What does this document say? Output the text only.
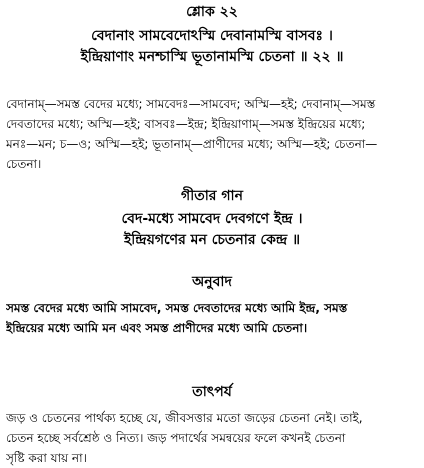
শ্লোক ২২
বেদানাং সামবেদোঽস্মি দেবানামস্মি বাসবঃ ।
ইন্দ্রিয়াণাং মনশ্চাস্মি ভূতানামস্মি চেতনা ॥ ২২ ॥
বেদানাম্—সমস্ত বেদের মধ্যে; সামবেদঃ—সামবেদ; অস্মি—হই; দেবানাম্—সমস্ত
দেবতাদের মধ্যে; অস্মি—হই; বাসবঃ—ইন্দ্র; ইন্দ্রিয়াণাম্—সমস্ত ইন্দ্রিয়ের মধ্যে;
মনঃ—মন; চ—ও; অস্মি—হই; ভূতানাম্—প্রাণীদের মধ্যে; অস্মি—হই; চেতনা—
চেতনা।
গীতার গান
বেদ-মধ্যে সামবেদ দেবগণে ইন্দ্র ।
ইন্দ্রিয়গণের মন চেতনার কেন্দ্র ॥
অনুবাদ
সমস্ত বেদের মধ্যে আমি সামবেদ, সমস্ত দেবতাদের মধ্যে আমি ইন্দ্র, সমস্ত
ইন্দ্রিয়ের মধ্যে আমি মন এবং সমস্ত প্রাণীদের মধ্যে আমি চেতনা।
তাৎপর্য
জড় ও চেতনের পার্থক্য হচ্ছে যে, জীবসত্তার মতো জড়ের চেতনা নেই। তাই,
চেতন হচ্ছে সর্বশ্রেষ্ঠ ও নিত্য। জড় পদার্থের সমন্বয়ের ফলে কখনই চেতনা
সৃষ্টি করা যায় না।
